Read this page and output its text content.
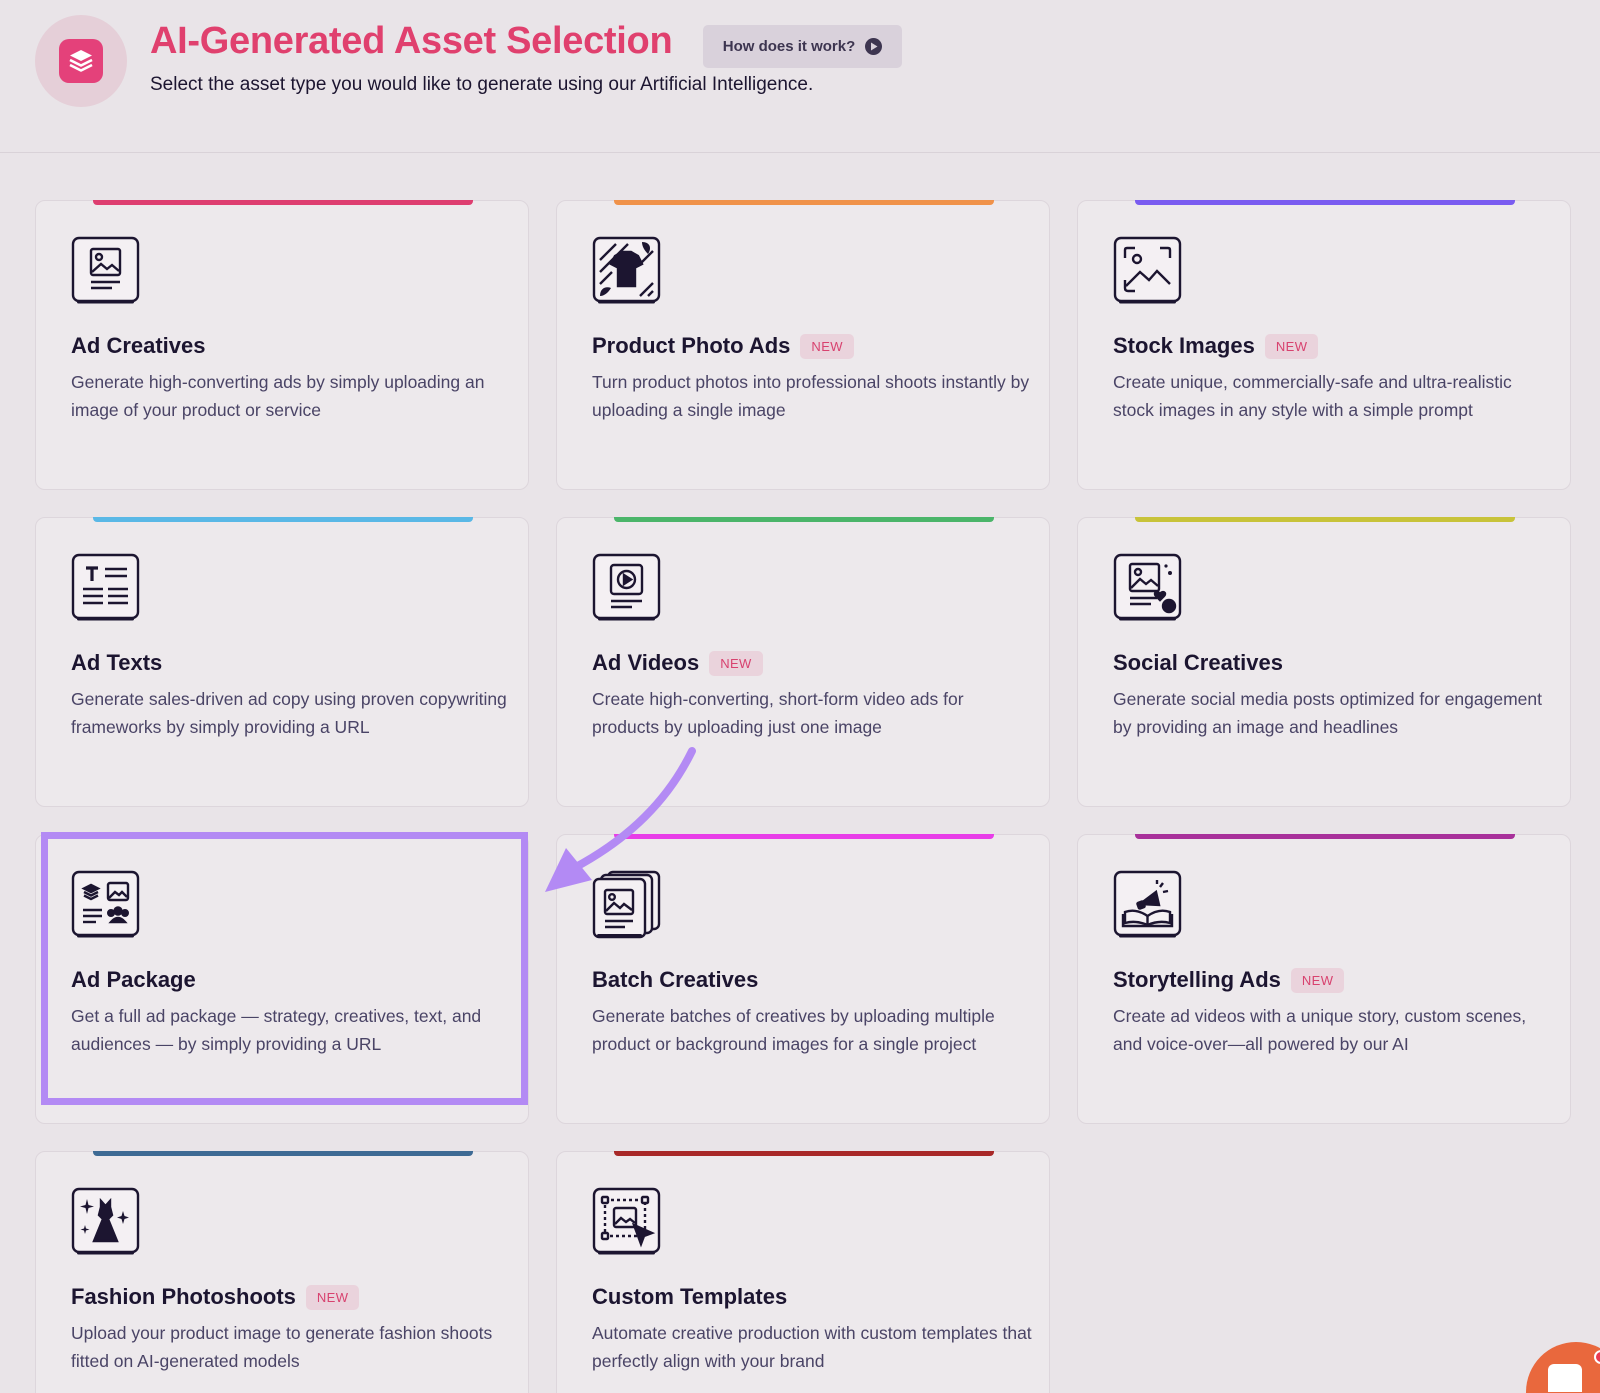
AI-Generated Asset Selection	How does it work?
Select the asset type you would like to generate using our Artificial Intelligence.
Ad Creatives
Generate high-converting ads by simply uploading an image of your product or service
Product Photo Ads	NEW
Turn product photos into professional shoots instantly by uploading a single image
Stock Images	NEW
Create unique, commercially-safe and ultra-realistic stock images in any style with a simple prompt
Ad Texts
Generate sales-driven ad copy using proven copywriting frameworks by simply providing a URL
Ad Videos	NEW
Create high-converting, short-form video ads for products by uploading just one image
Social Creatives
Generate social media posts optimized for engagement by providing an image and headlines
Ad Package
Get a full ad package — strategy, creatives, text, and audiences — by simply providing a URL
Batch Creatives
Generate batches of creatives by uploading multiple product or background images for a single project
Storytelling Ads	NEW
Create ad videos with a unique story, custom scenes, and voice-over—all powered by our AI
Fashion Photoshoots	NEW
Upload your product image to generate fashion shoots fitted on AI-generated models
Custom Templates
Automate creative production with custom templates that perfectly align with your brand
